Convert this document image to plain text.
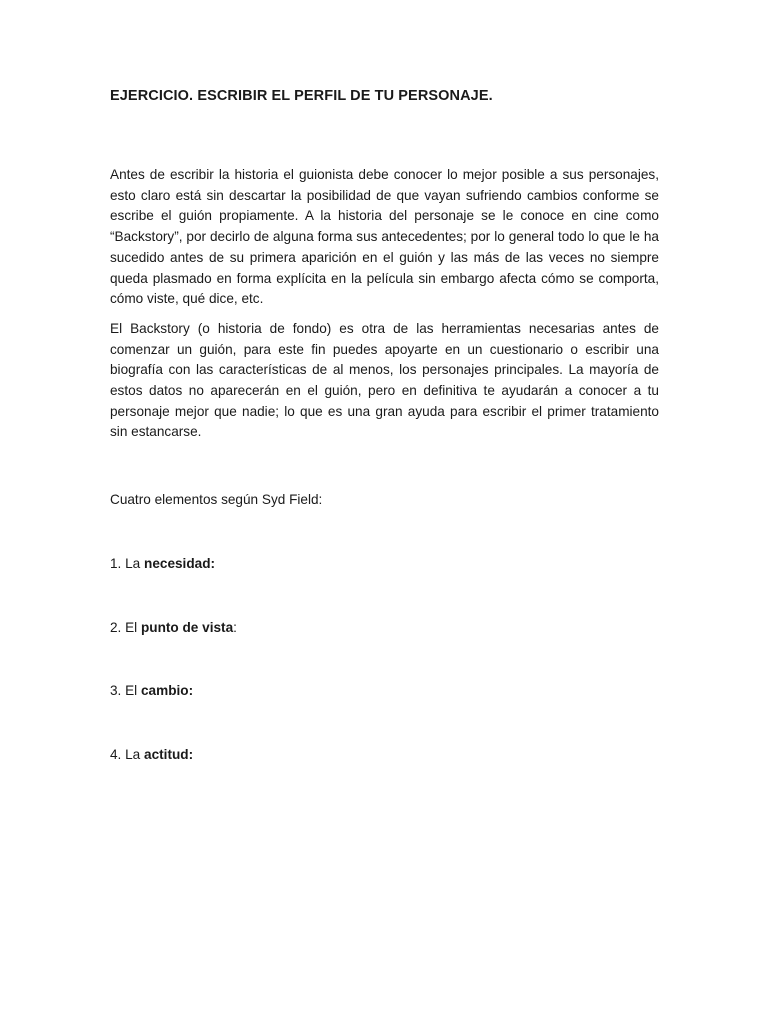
EJERCICIO. ESCRIBIR EL PERFIL DE TU PERSONAJE.

Antes de escribir la historia el guionista debe conocer lo mejor posible a sus personajes, esto claro está sin descartar la posibilidad de que vayan sufriendo cambios conforme se escribe el guión propiamente. A la historia del personaje se le conoce en cine como “Backstory”, por decirlo de alguna forma sus antecedentes; por lo general todo lo que le ha sucedido antes de su primera aparición en el guión y las más de las veces no siempre queda plasmado en forma explícita en la película sin embargo afecta cómo se comporta, cómo viste, qué dice, etc.

El Backstory (o historia de fondo) es otra de las herramientas necesarias antes de comenzar un guión, para este fin puedes apoyarte en un cuestionario o escribir una biografía con las características de al menos, los personajes principales. La mayoría de estos datos no aparecerán en el guión, pero en definitiva te ayudarán a conocer a tu personaje mejor que nadie; lo que es una gran ayuda para escribir el primer tratamiento sin estancarse.

Cuatro elementos según Syd Field:

1. La necesidad:

2. El punto de vista:

3. El cambio:

4. La actitud:
